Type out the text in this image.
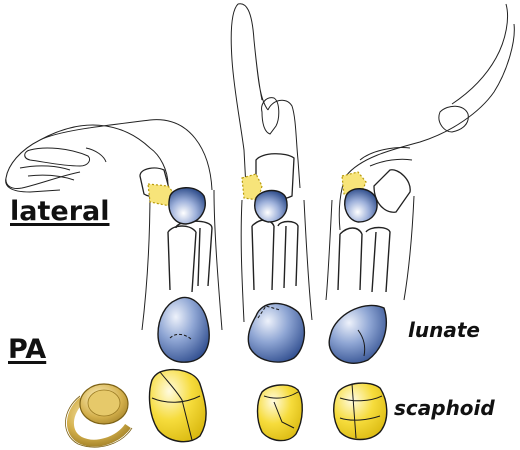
lateral
PA
lunate
scaphoid
